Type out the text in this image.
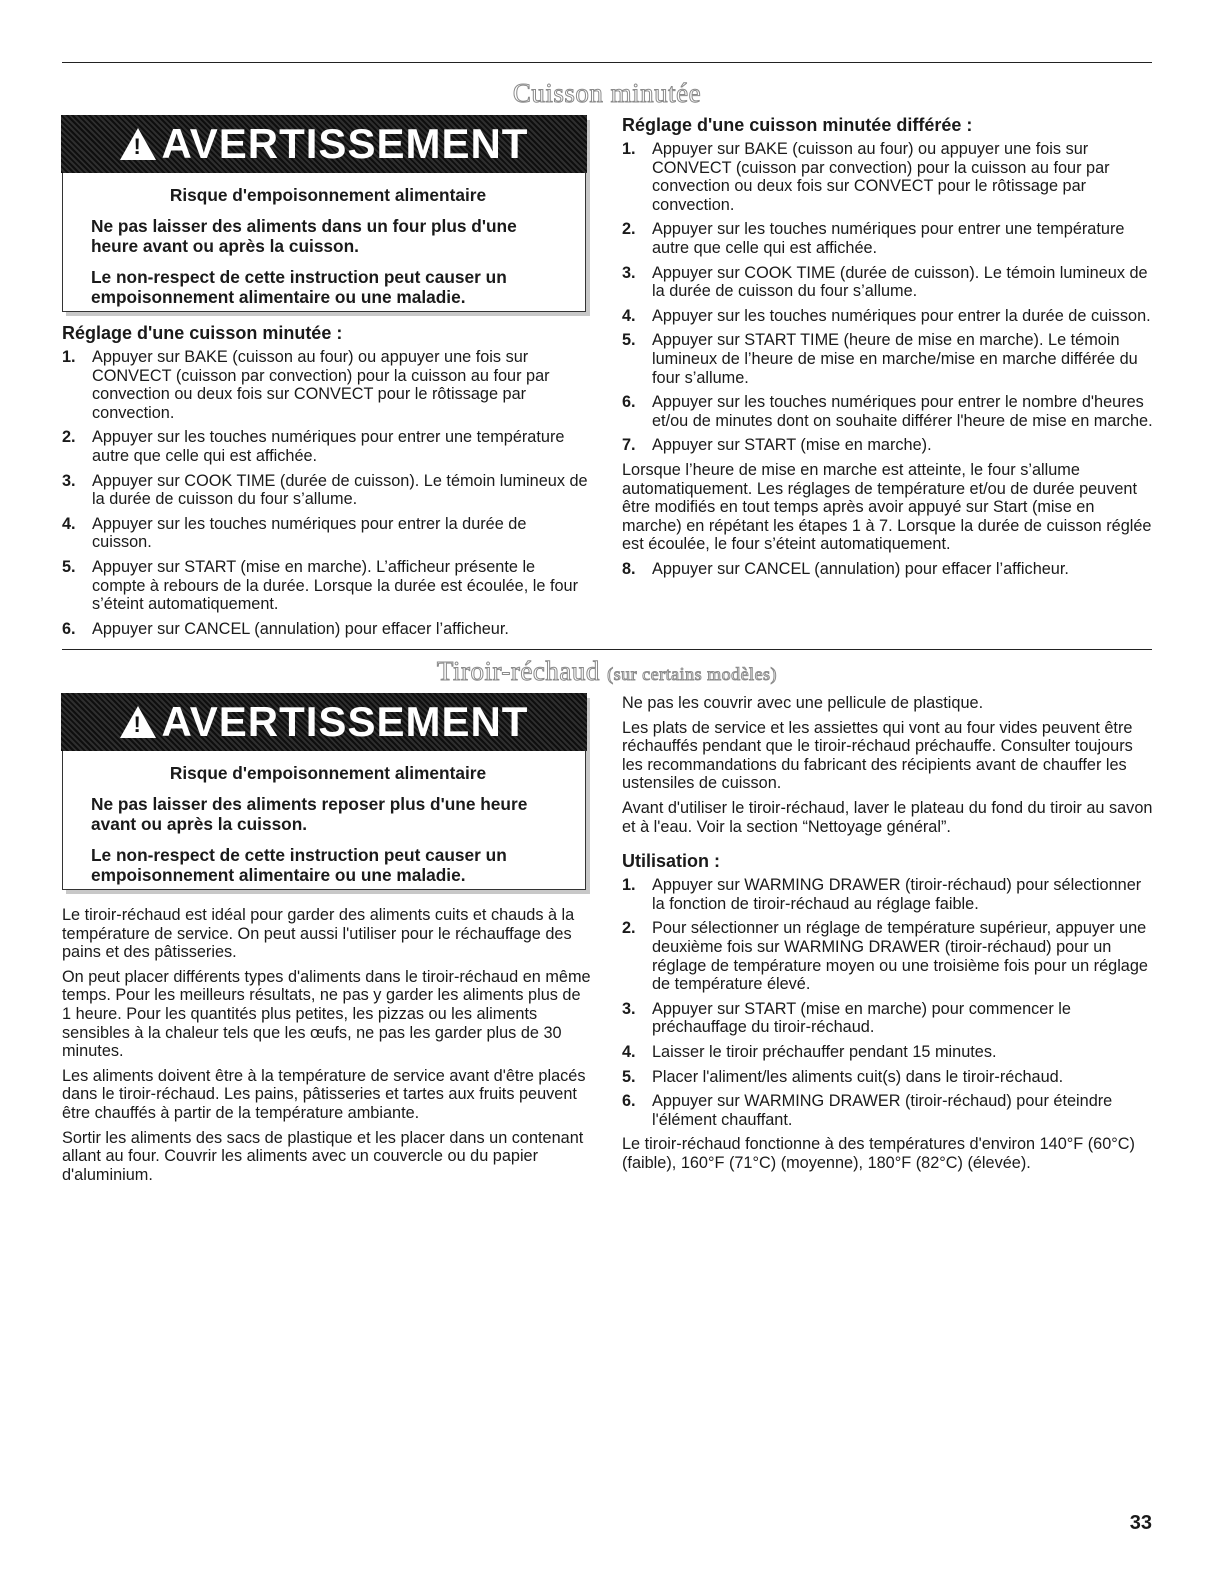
Cuisson minutée
! AVERTISSEMENT
Risque d'empoisonnement alimentaire

Ne pas laisser des aliments dans un four plus d'une heure avant ou après la cuisson.

Le non-respect de cette instruction peut causer un empoisonnement alimentaire ou une maladie.

Réglage d'une cuisson minutée :
1. Appuyer sur BAKE (cuisson au four) ou appuyer une fois sur CONVECT (cuisson par convection) pour la cuisson au four par convection ou deux fois sur CONVECT pour le rôtissage par convection.
2. Appuyer sur les touches numériques pour entrer une température autre que celle qui est affichée.
3. Appuyer sur COOK TIME (durée de cuisson). Le témoin lumineux de la durée de cuisson du four s’allume.
4. Appuyer sur les touches numériques pour entrer la durée de cuisson.
5. Appuyer sur START (mise en marche). L’afficheur présente le compte à rebours de la durée. Lorsque la durée est écoulée, le four s’éteint automatiquement.
6. Appuyer sur CANCEL (annulation) pour effacer l’afficheur.
Réglage d'une cuisson minutée différée :
1. Appuyer sur BAKE (cuisson au four) ou appuyer une fois sur CONVECT (cuisson par convection) pour la cuisson au four par convection ou deux fois sur CONVECT pour le rôtissage par convection.
2. Appuyer sur les touches numériques pour entrer une température autre que celle qui est affichée.
3. Appuyer sur COOK TIME (durée de cuisson). Le témoin lumineux de la durée de cuisson du four s’allume.
4. Appuyer sur les touches numériques pour entrer la durée de cuisson.
5. Appuyer sur START TIME (heure de mise en marche). Le témoin lumineux de l’heure de mise en marche/mise en marche différée du four s’allume.
6. Appuyer sur les touches numériques pour entrer le nombre d'heures et/ou de minutes dont on souhaite différer l'heure de mise en marche.
7. Appuyer sur START (mise en marche).

Lorsque l’heure de mise en marche est atteinte, le four s’allume automatiquement. Les réglages de température et/ou de durée peuvent être modifiés en tout temps après avoir appuyé sur Start (mise en marche) en répétant les étapes 1 à 7. Lorsque la durée de cuisson réglée est écoulée, le four s’éteint automatiquement.

8. Appuyer sur CANCEL (annulation) pour effacer l’afficheur.
Tiroir-réchaud (sur certains modèles)
! AVERTISSEMENT
Risque d'empoisonnement alimentaire

Ne pas laisser des aliments reposer plus d'une heure avant ou après la cuisson.

Le non-respect de cette instruction peut causer un empoisonnement alimentaire ou une maladie.

Le tiroir-réchaud est idéal pour garder des aliments cuits et chauds à la température de service. On peut aussi l'utiliser pour le réchauffage des pains et des pâtisseries.

On peut placer différents types d'aliments dans le tiroir-réchaud en même temps. Pour les meilleurs résultats, ne pas y garder les aliments plus de 1 heure. Pour les quantités plus petites, les pizzas ou les aliments sensibles à la chaleur tels que les œufs, ne pas les garder plus de 30 minutes.

Les aliments doivent être à la température de service avant d'être placés dans le tiroir-réchaud. Les pains, pâtisseries et tartes aux fruits peuvent être chauffés à partir de la température ambiante.

Sortir les aliments des sacs de plastique et les placer dans un contenant allant au four. Couvrir les aliments avec un couvercle ou du papier d'aluminium.

Ne pas les couvrir avec une pellicule de plastique.

Les plats de service et les assiettes qui vont au four vides peuvent être réchauffés pendant que le tiroir-réchaud préchauffe. Consulter toujours les recommandations du fabricant des récipients avant de chauffer les ustensiles de cuisson.

Avant d'utiliser le tiroir-réchaud, laver le plateau du fond du tiroir au savon et à l'eau. Voir la section “Nettoyage général”.

Utilisation :
1. Appuyer sur WARMING DRAWER (tiroir-réchaud) pour sélectionner la fonction de tiroir-réchaud au réglage faible.
2. Pour sélectionner un réglage de température supérieur, appuyer une deuxième fois sur WARMING DRAWER (tiroir-réchaud) pour un réglage de température moyen ou une troisième fois pour un réglage de température élevé.
3. Appuyer sur START (mise en marche) pour commencer le préchauffage du tiroir-réchaud.
4. Laisser le tiroir préchauffer pendant 15 minutes.
5. Placer l'aliment/les aliments cuit(s) dans le tiroir-réchaud.
6. Appuyer sur WARMING DRAWER (tiroir-réchaud) pour éteindre l'élément chauffant.

Le tiroir-réchaud fonctionne à des températures d'environ 140°F (60°C) (faible), 160°F (71°C) (moyenne), 180°F (82°C) (élevée).

33
